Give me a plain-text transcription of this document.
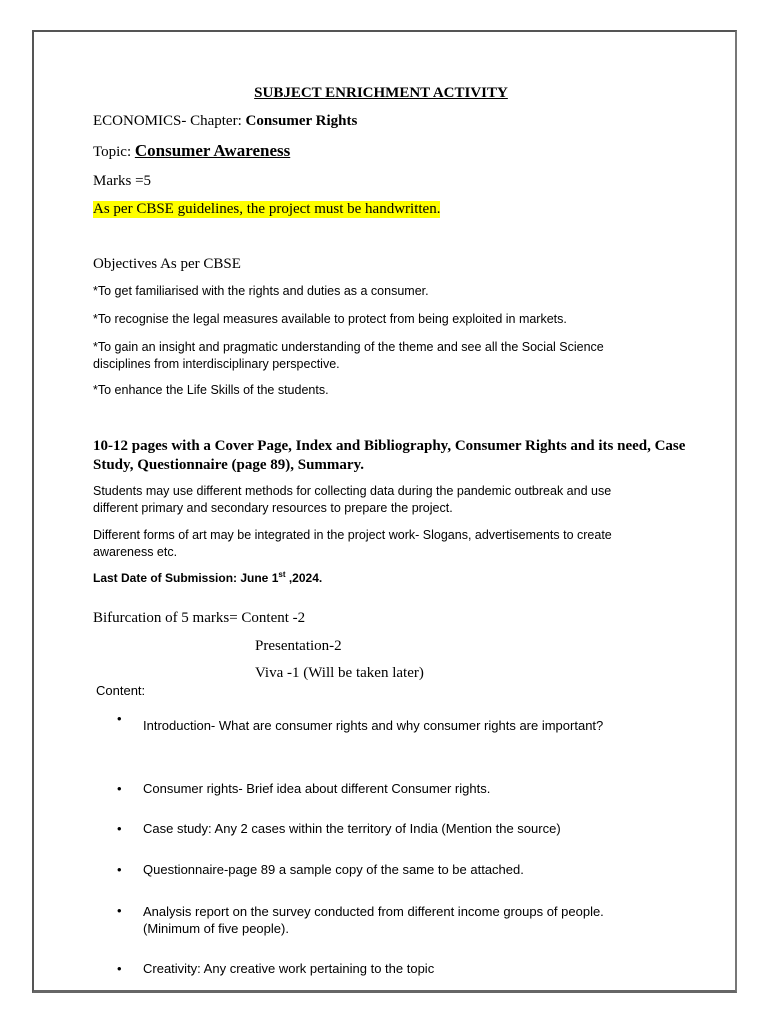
SUBJECT ENRICHMENT ACTIVITY
ECONOMICS- Chapter: Consumer Rights
Topic: Consumer Awareness
Marks =5
As per CBSE guidelines, the project must be handwritten.
Objectives As per CBSE
*To get familiarised with the rights and duties as a consumer.
*To recognise the legal measures available to protect from being exploited in markets.
*To gain an insight and pragmatic understanding of the theme and see all the Social Science disciplines from interdisciplinary perspective.
*To enhance the Life Skills of the students.
10-12 pages with a Cover Page, Index and Bibliography, Consumer Rights and its need, Case Study, Questionnaire (page 89), Summary.
Students may use different methods for collecting data during the pandemic outbreak and use different primary and secondary resources to prepare the project.
Different forms of art may be integrated in the project work- Slogans, advertisements to create awareness etc.
Last Date of Submission: June 1st ,2024.
Bifurcation of 5 marks= Content -2
Presentation-2
Viva -1 (Will be taken later)
Content:
• Introduction- What are consumer rights and why consumer rights are important?
• Consumer rights- Brief idea about different Consumer rights.
• Case study: Any 2 cases within the territory of India (Mention the source)
• Questionnaire-page 89 a sample copy of the same to be attached.
• Analysis report on the survey conducted from different income groups of people. (Minimum of five people).
• Creativity: Any creative work pertaining to the topic
